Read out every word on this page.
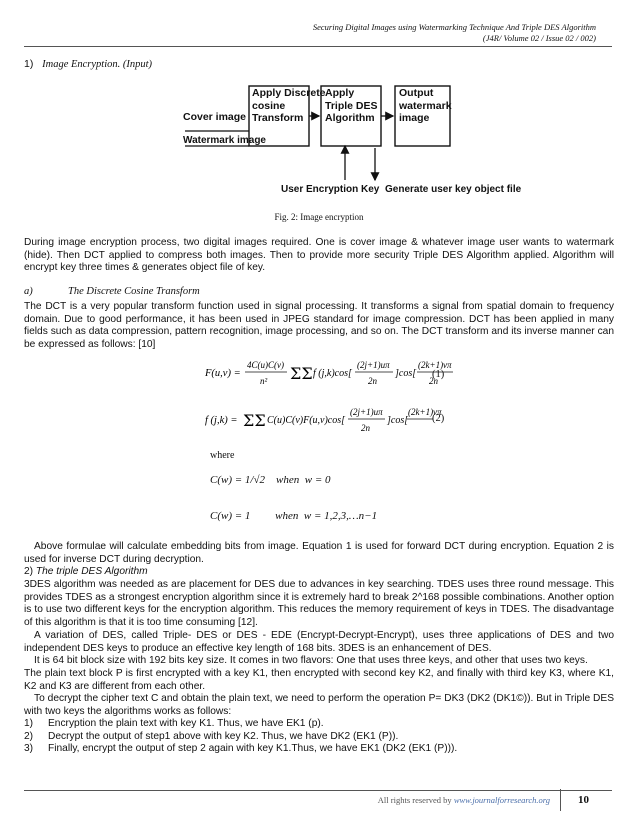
Securing Digital Images using Watermarking Technique And Triple DES Algorithm
(J4R/ Volume 02 / Issue 02 / 002)
1) Image Encryption. (Input)
Cover image
Watermark image
Apply Discrete
cosine
Transform
Apply
Triple DES
Algorithm
Output
watermark
image
User Encryption Key Generate user key object file
Fig. 2: Image encryption
During image encryption process, two digital images required. One is cover image & whatever image user wants to watermark (hide). Then DCT applied to compress both images. Then to provide more security Triple DES Algorithm applied. Algorithm will encrypt key three times & generates object file of key.
a)	The Discrete Cosine Transform
The DCT is a very popular transform function used in signal processing. It transforms a signal from spatial domain to frequency domain. Due to good performance, it has been used in JPEG standard for image compression. DCT has been applied in many fields such as data compression, pattern recognition, image processing, and so on. The DCT transform and its inverse manner can be expressed as follows: [10]
F(u,v) =
4C(u)C(v)
n² ΣΣ f (j,k)cos[
(2j+1)uπ
2n
]cos[
(2k+1)vπ
2n
(1)
f (j,k) = ΣΣ C(u)C(v)F(u,v)cos[
(2j+1)uπ
2n
]cos[
(2k+1)vπ
(2)
where
C(w) = 1/√2    when  w = 0
C(w) = 1         when  w = 1,2,3,…n−1
Above formulae will calculate embedding bits from image. Equation 1 is used for forward DCT during encryption. Equation 2 is used for inverse DCT during decryption.
2) The triple DES Algorithm
3DES algorithm was needed as are placement for DES due to advances in key searching. TDES uses three round message. This provides TDES as a strongest encryption algorithm since it is extremely hard to break 2^168 possible combinations. Another option is to use two different keys for the encryption algorithm. This reduces the memory requirement of keys in TDES. The disadvantage of this algorithm is that it is too time consuming [12].
A variation of DES, called Triple- DES or DES - EDE (Encrypt-Decrypt-Encrypt), uses three applications of DES and two independent DES keys to produce an effective key length of 168 bits. 3DES is an enhancement of DES.
It is 64 bit block size with 192 bits key size. It comes in two flavors: One that uses three keys, and other that uses two keys.
The plain text block P is first encrypted with a key K1, then encrypted with second key K2, and finally with third key K3, where K1, K2 and K3 are different from each other.
To decrypt the cipher text C and obtain the plain text, we need to perform the operation P= DK3 (DK2 (DK1©)). But in Triple DES with two keys the algorithms works as follows:
1) Encryption the plain text with key K1. Thus, we have EK1 (p).
2) Decrypt the output of step1 above with key K2. Thus, we have DK2 (EK1 (P)).
3) Finally, encrypt the output of step 2 again with key K1.Thus, we have EK1 (DK2 (EK1 (P))).
All rights reserved by www.journalforresearch.org	10
